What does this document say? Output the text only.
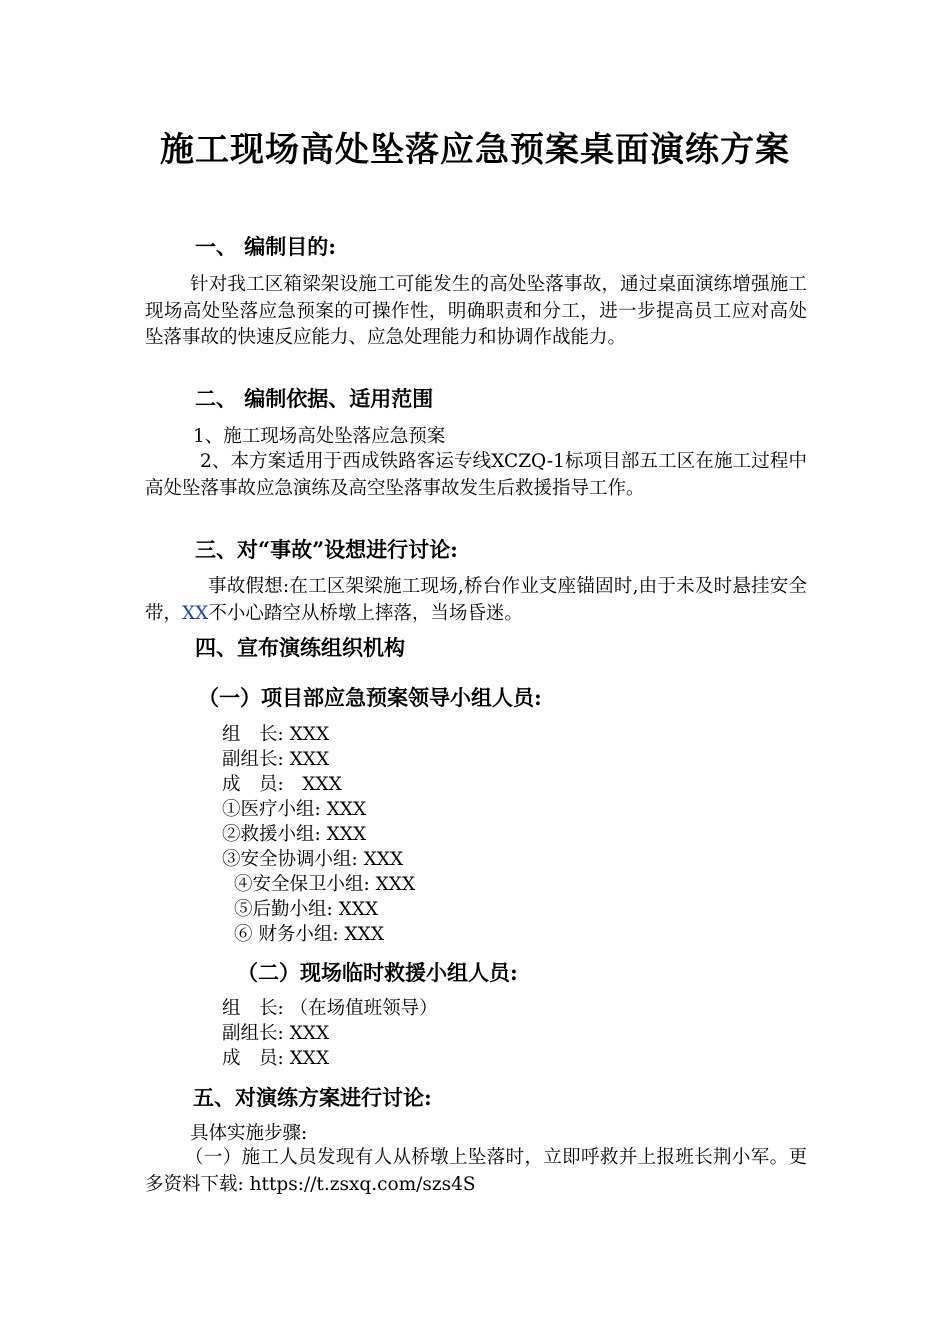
施工现场高处坠落应急预案桌面演练方案
一、 编制目的:
针对我工区箱梁架设施工可能发生的高处坠落事故，通过桌面演练增强施工现场高处坠落应急预案的可操作性，明确职责和分工，进一步提高员工应对高处坠落事故的快速反应能力、应急处理能力和协调作战能力。
二、 编制依据、适用范围
1、施工现场高处坠落应急预案
2、本方案适用于西成铁路客运专线XCZQ-1标项目部五工区在施工过程中高处坠落事故应急演练及高空坠落事故发生后救援指导工作。
三、对“事故”设想进行讨论:
事故假想:在工区架梁施工现场,桥台作业支座锚固时,由于未及时悬挂安全带，XX不小心踏空从桥墩上摔落，当场昏迷。
四、宣布演练组织机构
（一）项目部应急预案领导小组人员:
组　长: XXX
副组长: XXX
成　员:　XXX
①医疗小组: XXX
②救援小组: XXX
③安全协调小组: XXX
④安全保卫小组: XXX
⑤后勤小组: XXX
⑥ 财务小组: XXX
（二）现场临时救援小组人员:
组　长: （在场值班领导）
副组长: XXX
成　员: XXX
五、对演练方案进行讨论:
具体实施步骤:
（一）施工人员发现有人从桥墩上坠落时，立即呼救并上报班长荆小军。更多资料下载: https://t.zsxq.com/szs4S
